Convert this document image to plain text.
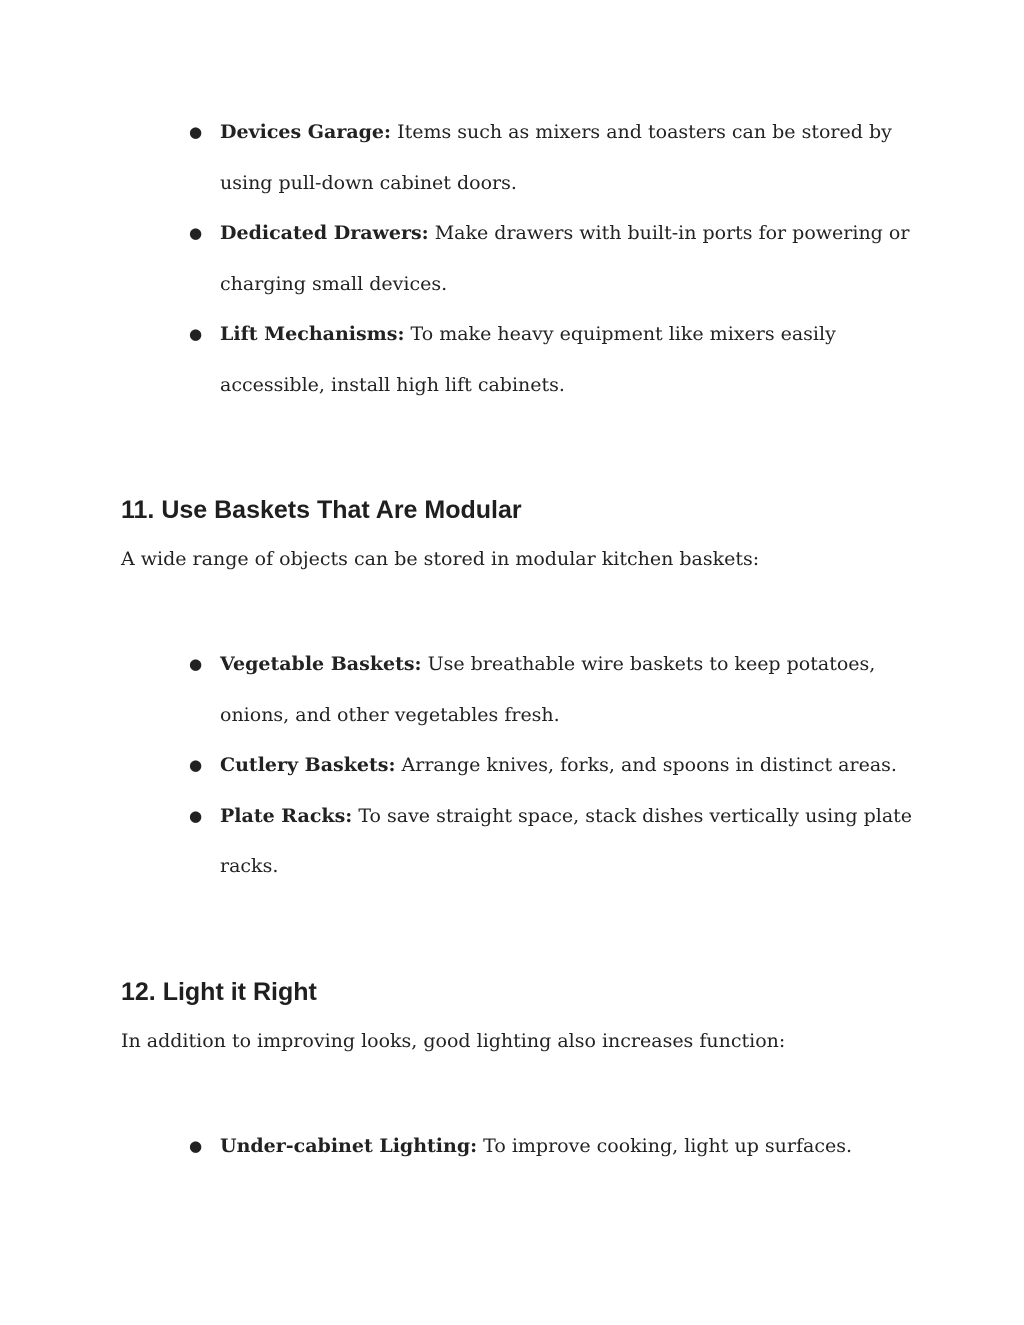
● Devices Garage: Items such as mixers and toasters can be stored by using pull-down cabinet doors.
● Dedicated Drawers: Make drawers with built-in ports for powering or charging small devices.
● Lift Mechanisms: To make heavy equipment like mixers easily accessible, install high lift cabinets.
11. Use Baskets That Are Modular

A wide range of objects can be stored in modular kitchen baskets:

● Vegetable Baskets: Use breathable wire baskets to keep potatoes, onions, and other vegetables fresh.
● Cutlery Baskets: Arrange knives, forks, and spoons in distinct areas.
● Plate Racks: To save straight space, stack dishes vertically using plate racks.
12. Light it Right

In addition to improving looks, good lighting also increases function:

● Under-cabinet Lighting: To improve cooking, light up surfaces.
